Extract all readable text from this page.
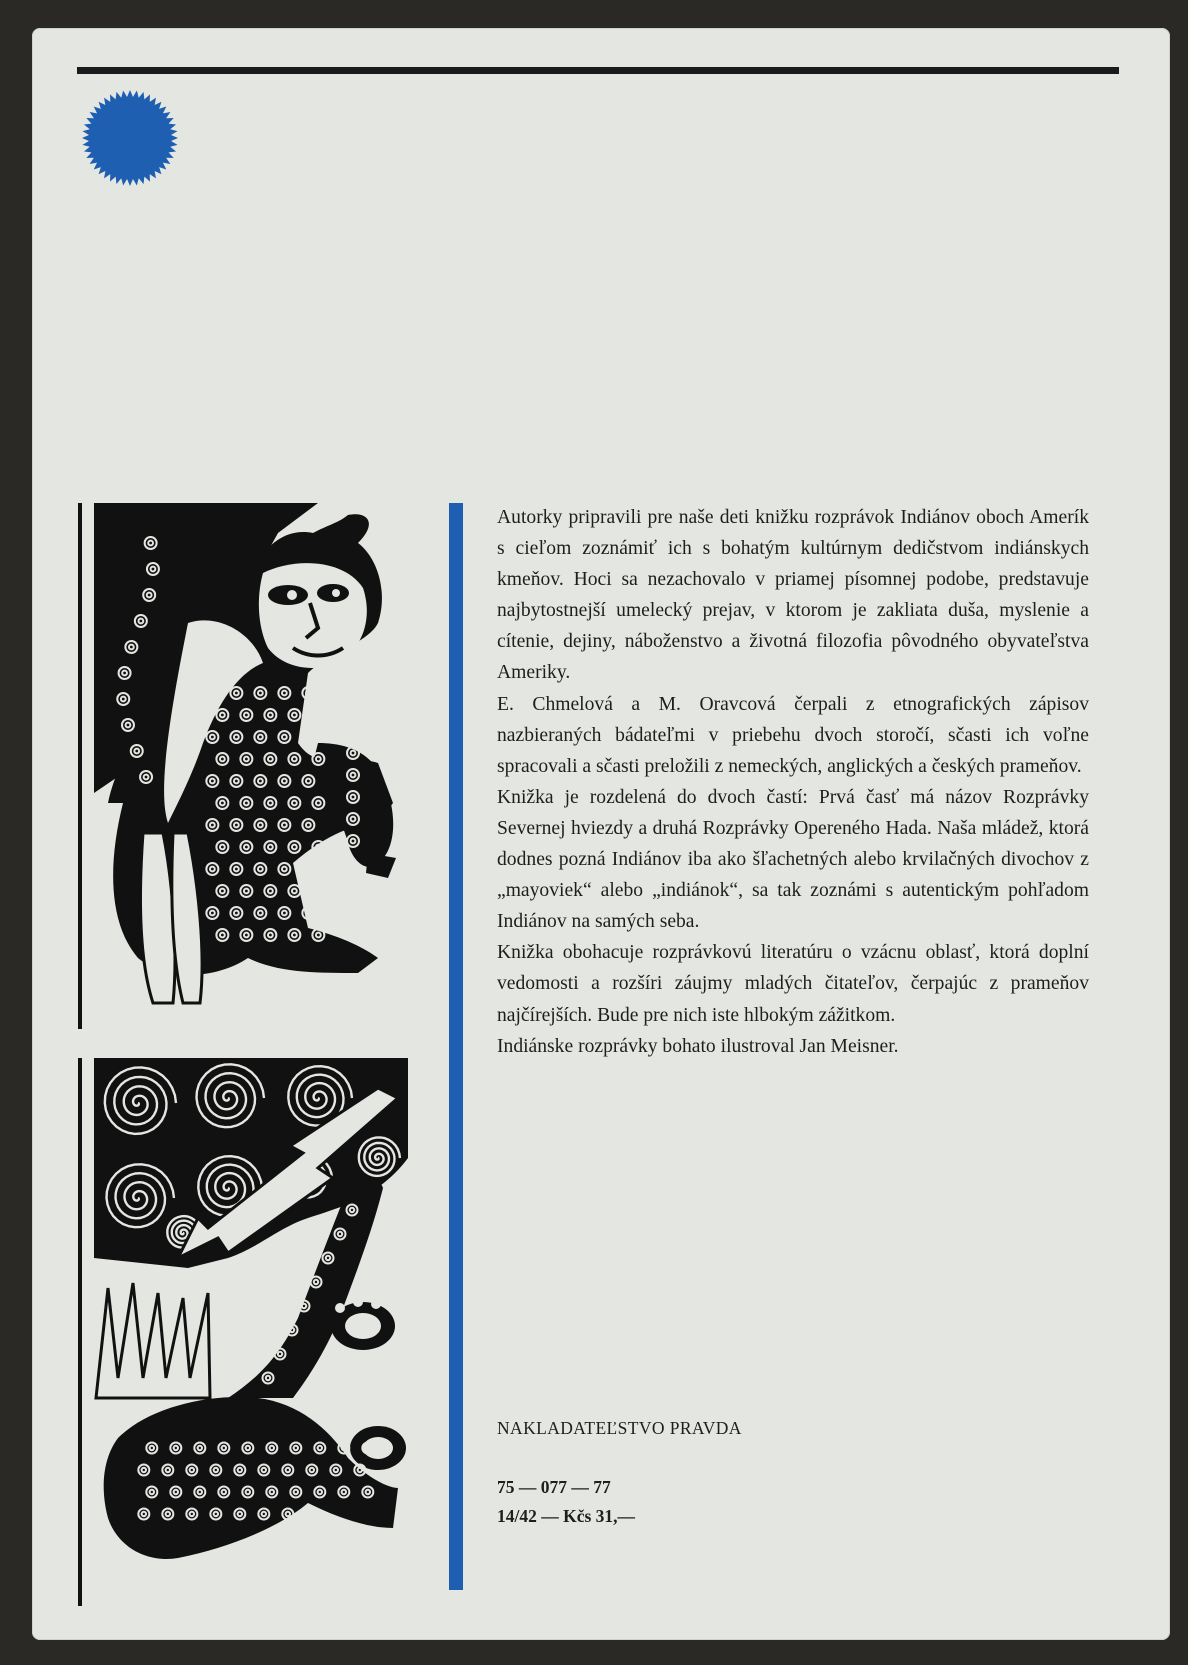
Autorky pripravili pre naše deti knižku rozprávok Indiánov oboch Amerík s cieľom zoznámiť ich s bohatým kultúrnym dedičstvom indiánskych kmeňov. Hoci sa nezachovalo v priamej písomnej podobe, predstavuje najbytostnejší umelecký prejav, v ktorom je zakliata duša, myslenie a cítenie, dejiny, náboženstvo a životná filozofia pôvodného obyvateľstva Ameriky.

E. Chmelová a M. Oravcová čerpali z etnografických zápisov nazbieraných bádateľmi v priebehu dvoch storočí, sčasti ich voľne spracovali a sčasti preložili z nemeckých, anglických a českých prameňov.

Knižka je rozdelená do dvoch častí: Prvá časť má názov Rozprávky Severnej hviezdy a druhá Rozprávky Opereného Hada. Naša mládež, ktorá dodnes pozná Indiánov iba ako šľachetných alebo krvilačných divochov z „mayoviek“ alebo „indiánok“, sa tak zoznámi s autentickým pohľadom Indiánov na samých seba.

Knižka obohacuje rozprávkovú literatúru o vzácnu oblasť, ktorá doplní vedomosti a rozšíri záujmy mladých čitateľov, čerpajúc z prameňov najčírejších. Bude pre nich iste hlbokým zážitkom.

Indiánske rozprávky bohato ilustroval Jan Meisner.

NAKLADATEĽSTVO PRAVDA
75 — 077 — 77
14/42 — Kčs 31,—
